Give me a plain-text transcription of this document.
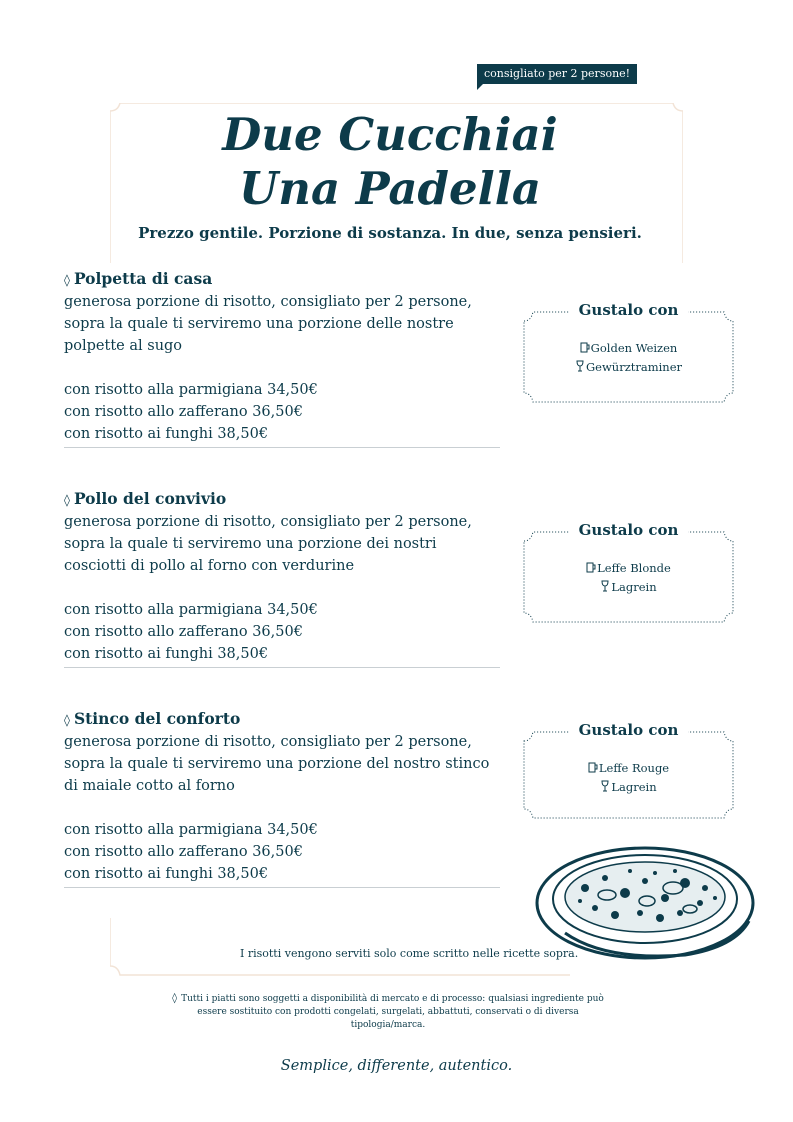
consigliato per 2 persone!
Due Cucchiai
Una Padella
Prezzo gentile. Porzione di sostanza. In due, senza pensieri.
◊ Polpetta di casa

generosa porzione di risotto, consigliato per 2 persone, sopra la quale ti serviremo una porzione delle nostre polpette al sugo

con risotto alla parmigiana 34,50€
con risotto allo zafferano 36,50€
con risotto ai funghi 38,50€
Gustalo con
Golden Weizen
Gewürztraminer
◊ Pollo del convivio

generosa porzione di risotto, consigliato per 2 persone, sopra la quale ti serviremo una porzione dei nostri cosciotti di pollo al forno con verdurine

con risotto alla parmigiana 34,50€
con risotto allo zafferano 36,50€
con risotto ai funghi 38,50€
Gustalo con
Leffe Blonde
Lagrein
◊ Stinco del conforto

generosa porzione di risotto, consigliato per 2 persone, sopra la quale ti serviremo una porzione del nostro stinco di maiale cotto al forno

con risotto alla parmigiana 34,50€
con risotto allo zafferano 36,50€
con risotto ai funghi 38,50€
Gustalo con
Leffe Rouge
Lagrein
I risotti vengono serviti solo come scritto nelle ricette sopra.
◊ Tutti i piatti sono soggetti a disponibilità di mercato e di processo: qualsiasi ingrediente può essere sostituito con prodotti congelati, surgelati, abbattuti, conservati o di diversa tipologia/marca.
Semplice, differente, autentico.
